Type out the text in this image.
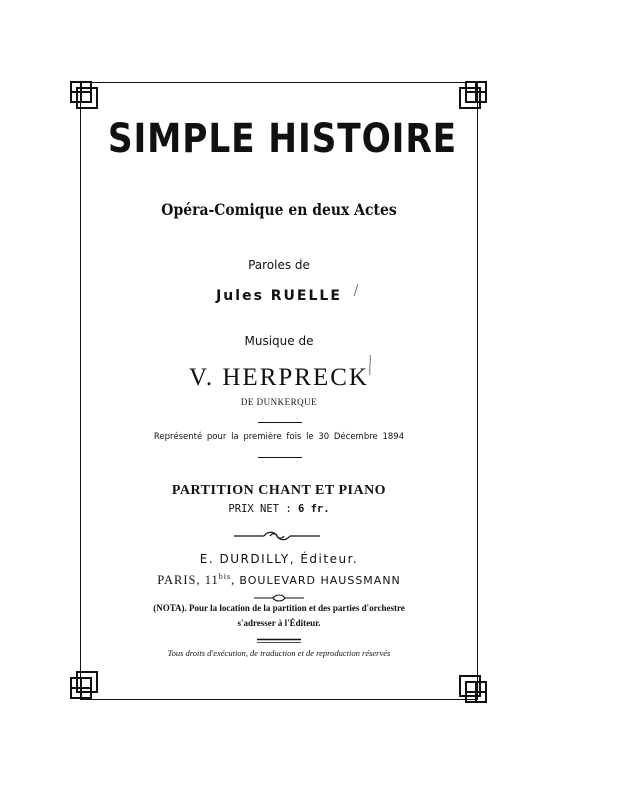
SIMPLE HISTOIRE
Opéra-Comique en deux Actes
Paroles de
Jules RUELLE
Musique de
V. HERPRECK
DE DUNKERQUE
Représenté pour la première fois le 30 Décembre 1894
PARTITION CHANT ET PIANO
PRIX NET : 6 fr.
E. DURDILLY, Éditeur.
PARIS, $11^{bis}$, BOULEVARD HAUSSMANN
(NOTA). Pour la location de la partition et des parties d'orchestre
s'adresser à l'Éditeur.
Tous droits d'exécution, de traduction et de reproduction réservés
